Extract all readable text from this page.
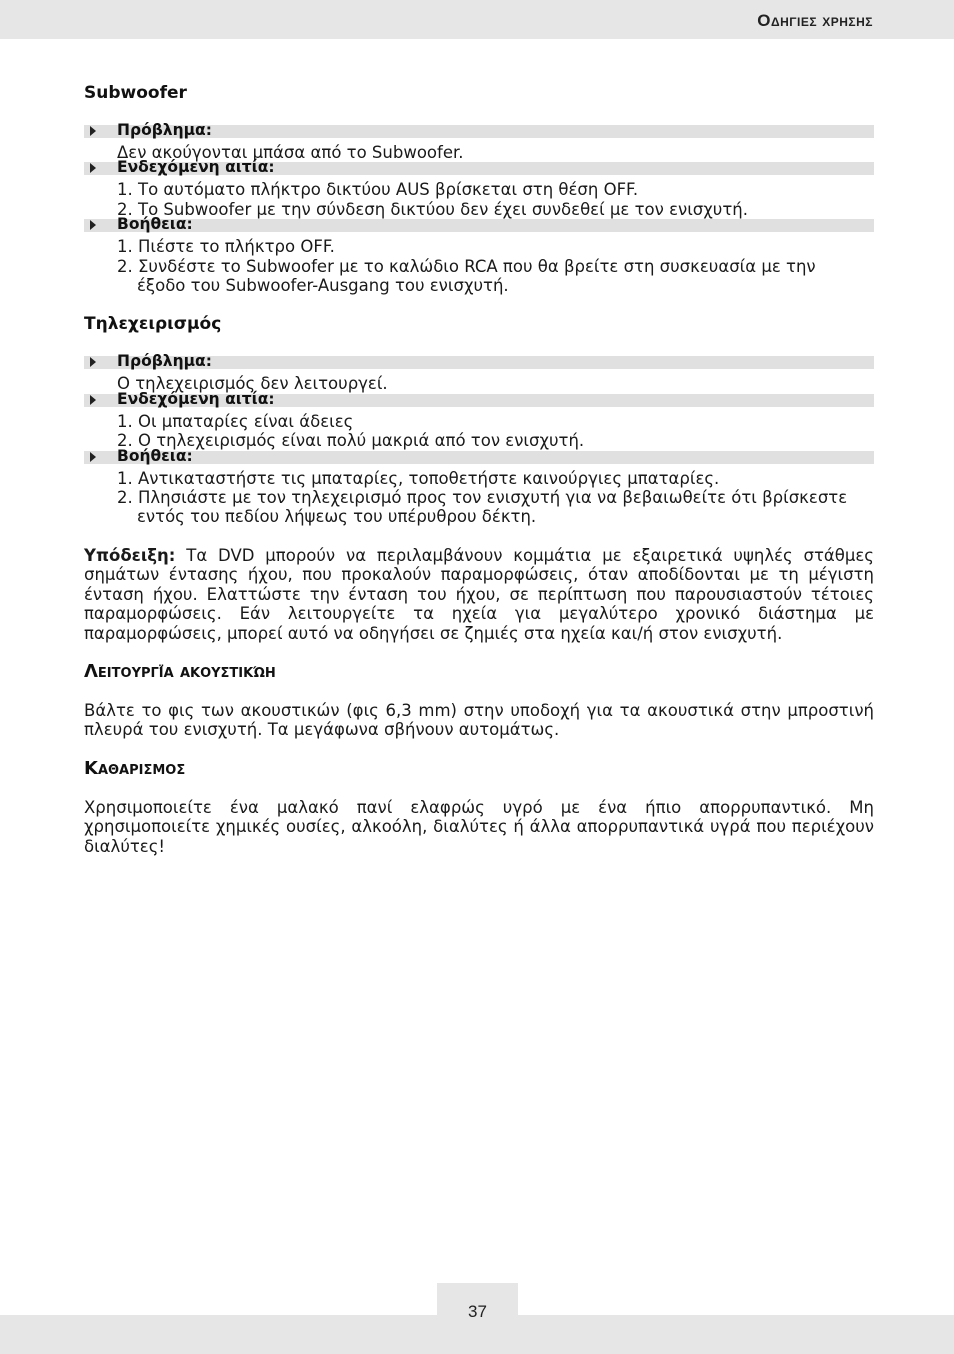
Οδηγιες χρησης

Subwoofer

Πρόβλημα:

Δεν ακούγονται μπάσα από το Subwoofer.

Ενδεχόμενη αιτία:

1. Το αυτόματο πλήκτρο δικτύου AUS βρίσκεται στη θέση OFF.

2. Το Subwoofer με την σύνδεση δικτύου δεν έχει συνδεθεί με τον ενισχυτή.

Βοήθεια:

1. Πιέστε το πλήκτρο OFF.

2. Συνδέστε το Subwoofer με το καλώδιο RCA που θα βρείτε στη συσκευασία με την
έξοδο του Subwoofer-Ausgang του ενισχυτή.

Τηλεχειρισμός

Πρόβλημα:

Ο τηλεχειρισμός δεν λειτουργεί.

Ενδεχόμενη αιτία:

1. Οι μπαταρίες είναι άδειες

2. Ο τηλεχειρισμός είναι πολύ μακριά από τον ενισχυτή.

Βοήθεια:

1. Αντικαταστήστε τις μπαταρίες, τοποθετήστε καινούργιες μπαταρίες.

2. Πλησιάστε με τον τηλεχειρισμό προς τον ενισχυτή για να βεβαιωθείτε ότι βρίσκεστε
εντός του πεδίου λήψεως του υπέρυθρου δέκτη.

Υπόδειξη: Τα DVD μπορούν να περιλαμβάνουν κομμάτια με εξαιρετικά υψηλές στάθμες σημάτων έντασης ήχου, που προκαλούν παραμορφώσεις, όταν αποδίδονται με τη μέγιστη ένταση ήχου. Ελαττώστε την ένταση του ήχου, σε περίπτωση που παρουσιαστούν τέτοιες παραμορφώσεις. Εάν λειτουργείτε τα ηχεία για μεγαλύτερο χρονικό διάστημα με παραμορφώσεις, μπορεί αυτό να οδηγήσει σε ζημιές στα ηχεία και/ή στον ενισχυτή.

Λειτουργΐα ακουστικώη

Βάλτε το φις των ακουστικών (φις 6,3 mm) στην υποδοχή για τα ακουστικά στην μπροστινή πλευρά του ενισχυτή. Τα μεγάφωνα σβήνουν αυτομάτως.

Καθαρισμος

Χρησιμοποιείτε ένα μαλακό πανί ελαφρώς υγρό με ένα ήπιο απορρυπαντικό. Μη χρησιμοποιείτε χημικές ουσίες, αλκοόλη, διαλύτες ή άλλα απορρυπαντικά υγρά που περιέχουν διαλύτες!

37
